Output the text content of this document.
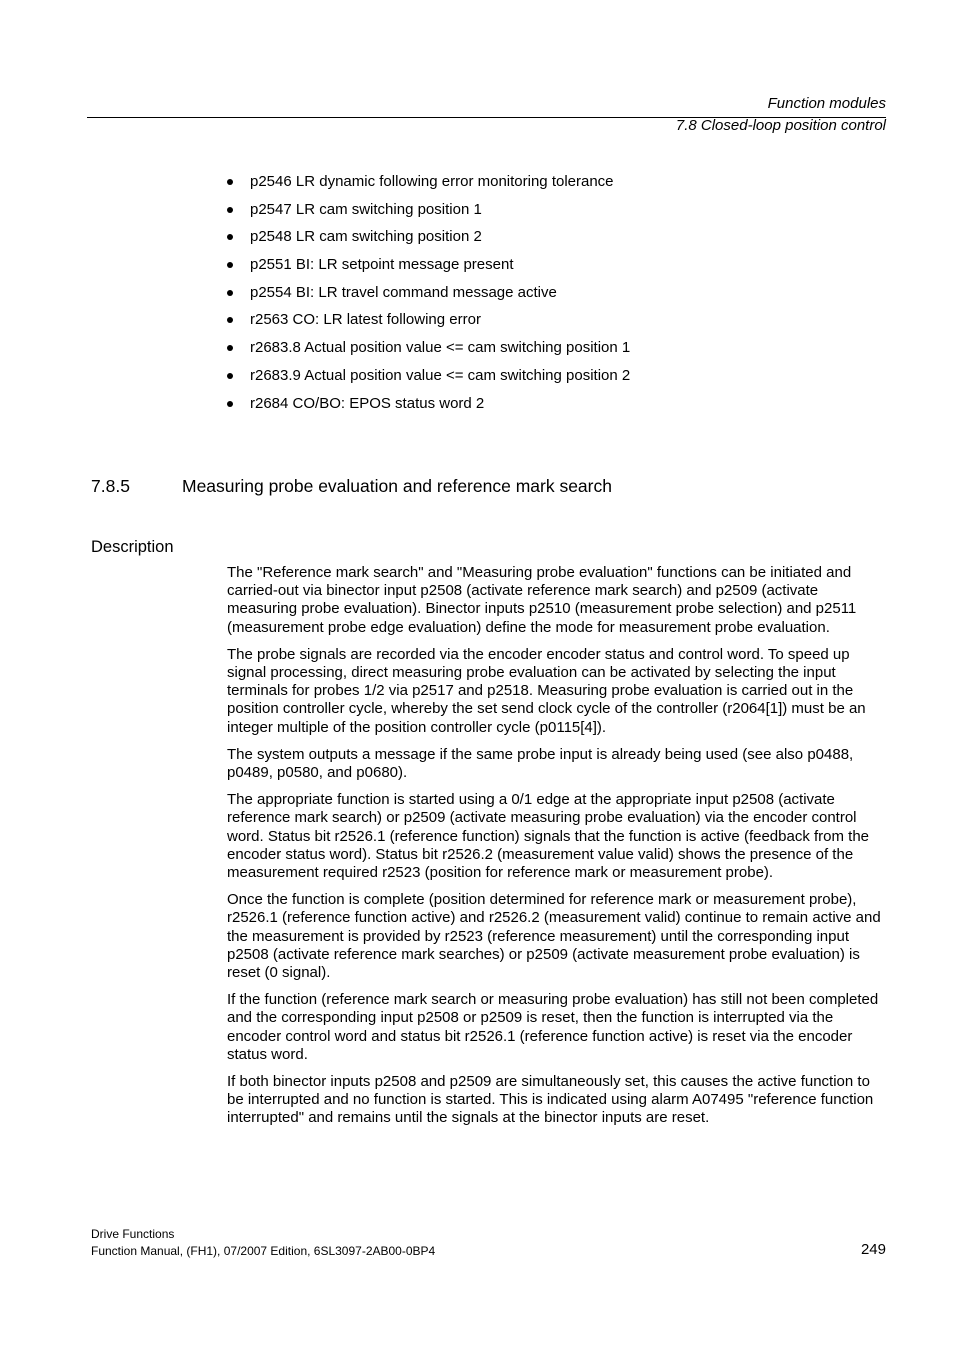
Function modules
7.8 Closed-loop position control
p2546 LR dynamic following error monitoring tolerance
p2547 LR cam switching position 1
p2548 LR cam switching position 2
p2551 BI: LR setpoint message present
p2554 BI: LR travel command message active
r2563 CO: LR latest following error
r2683.8 Actual position value <= cam switching position 1
r2683.9 Actual position value <= cam switching position 2
r2684 CO/BO: EPOS status word 2
7.8.5	Measuring probe evaluation and reference mark search
Description

The "Reference mark search" and "Measuring probe evaluation" functions can be initiated and carried-out via binector input p2508 (activate reference mark search) and p2509 (activate measuring probe evaluation). Binector inputs p2510 (measurement probe selection) and p2511 (measurement probe edge evaluation) define the mode for measurement probe evaluation.

The probe signals are recorded via the encoder encoder status and control word. To speed up signal processing, direct measuring probe evaluation can be activated by selecting the input terminals for probes 1/2 via p2517 and p2518. Measuring probe evaluation is carried out in the position controller cycle, whereby the set send clock cycle of the controller (r2064[1]) must be an integer multiple of the position controller cycle (p0115[4]).

The system outputs a message if the same probe input is already being used (see also p0488, p0489, p0580, and p0680).

The appropriate function is started using a 0/1 edge at the appropriate input p2508 (activate reference mark search) or p2509 (activate measuring probe evaluation) via the encoder control word. Status bit r2526.1 (reference function) signals that the function is active (feedback from the encoder status word). Status bit r2526.2 (measurement value valid) shows the presence of the measurement required r2523 (position for reference mark or measurement probe).

Once the function is complete (position determined for reference mark or measurement probe), r2526.1 (reference function active) and r2526.2 (measurement valid) continue to remain active and the measurement is provided by r2523 (reference measurement) until the corresponding input p2508 (activate reference mark searches) or p2509 (activate measurement probe evaluation) is reset (0 signal).

If the function (reference mark search or measuring probe evaluation) has still not been completed and the corresponding input p2508 or p2509 is reset, then the function is interrupted via the encoder control word and status bit r2526.1 (reference function active) is reset via the encoder status word.

If both binector inputs p2508 and p2509 are simultaneously set, this causes the active function to be interrupted and no function is started. This is indicated using alarm A07495 "reference function interrupted" and remains until the signals at the binector inputs are reset.

Drive Functions
Function Manual, (FH1), 07/2007 Edition, 6SL3097-2AB00-0BP4	249
